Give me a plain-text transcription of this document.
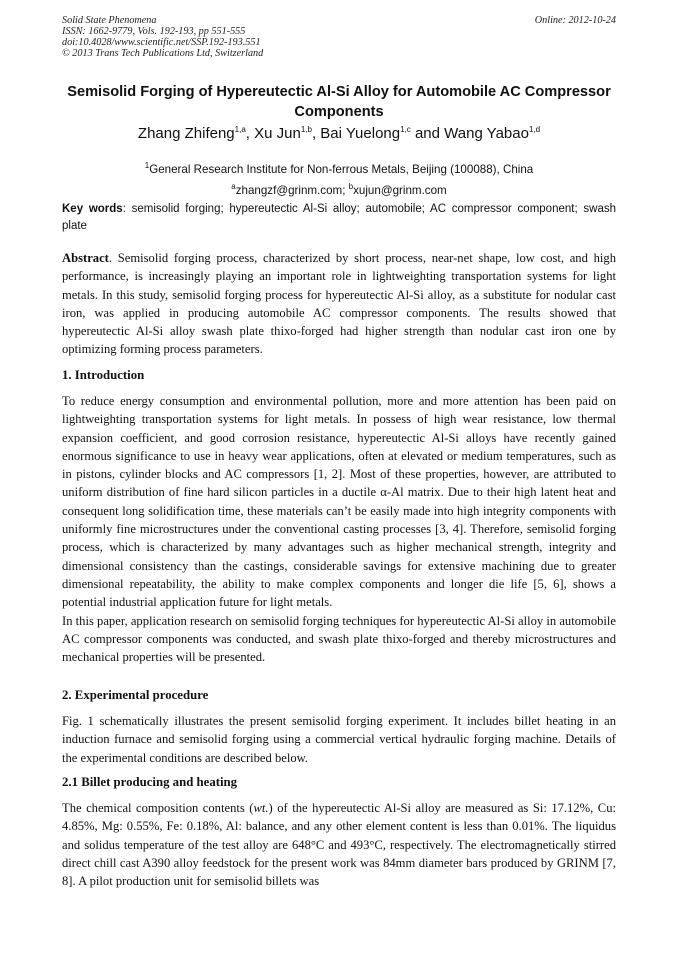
Solid State Phenomena
ISSN: 1662-9779, Vols. 192-193, pp 551-555
doi:10.4028/www.scientific.net/SSP.192-193.551
© 2013 Trans Tech Publications Ltd, Switzerland
Online: 2012-10-24
Semisolid Forging of Hypereutectic Al-Si Alloy for Automobile AC Compressor Components
Zhang Zhifeng$^{1,a}$, Xu Jun$^{1,b}$, Bai Yuelong$^{1,c}$ and Wang Yabao$^{1,d}$
$^1$General Research Institute for Non-ferrous Metals, Beijing (100088), China
$^a$zhangzf@grinm.com; $^b$xujun@grinm.com
Key words: semisolid forging; hypereutectic Al-Si alloy; automobile; AC compressor component; swash plate
Abstract. Semisolid forging process, characterized by short process, near-net shape, low cost, and high performance, is increasingly playing an important role in lightweighting transportation systems for light metals. In this study, semisolid forging process for hypereutectic Al-Si alloy, as a substitute for nodular cast iron, was applied in producing automobile AC compressor components. The results showed that hypereutectic Al-Si alloy swash plate thixo-forged had higher strength than nodular cast iron one by optimizing forming process parameters.
1. Introduction
To reduce energy consumption and environmental pollution, more and more attention has been paid on lightweighting transportation systems for light metals. In possess of high wear resistance, low thermal expansion coefficient, and good corrosion resistance, hypereutectic Al-Si alloys have recently gained enormous significance to use in heavy wear applications, often at elevated or medium temperatures, such as in pistons, cylinder blocks and AC compressors [1, 2]. Most of these properties, however, are attributed to uniform distribution of fine hard silicon particles in a ductile α-Al matrix. Due to their high latent heat and consequent long solidification time, these materials can’t be easily made into high integrity components with uniformly fine microstructures under the conventional casting processes [3, 4]. Therefore, semisolid forging process, which is characterized by many advantages such as higher mechanical strength, integrity and dimensional consistency than the castings, considerable savings for extensive machining due to greater dimensional repeatability, the ability to make complex components and longer die life [5, 6], shows a potential industrial application future for light metals.
In this paper, application research on semisolid forging techniques for hypereutectic Al-Si alloy in automobile AC compressor components was conducted, and swash plate thixo-forged and thereby microstructures and mechanical properties will be presented.
2. Experimental procedure
Fig. 1 schematically illustrates the present semisolid forging experiment. It includes billet heating in an induction furnace and semisolid forging using a commercial vertical hydraulic forging machine. Details of the experimental conditions are described below.
2.1 Billet producing and heating
The chemical composition contents (wt.) of the hypereutectic Al-Si alloy are measured as Si: 17.12%, Cu: 4.85%, Mg: 0.55%, Fe: 0.18%, Al: balance, and any other element content is less than 0.01%. The liquidus and solidus temperature of the test alloy are 648°C and 493°C, respectively. The electromagnetically stirred direct chill cast A390 alloy feedstock for the present work was 84mm diameter bars produced by GRINM [7, 8]. A pilot production unit for semisolid billets was
